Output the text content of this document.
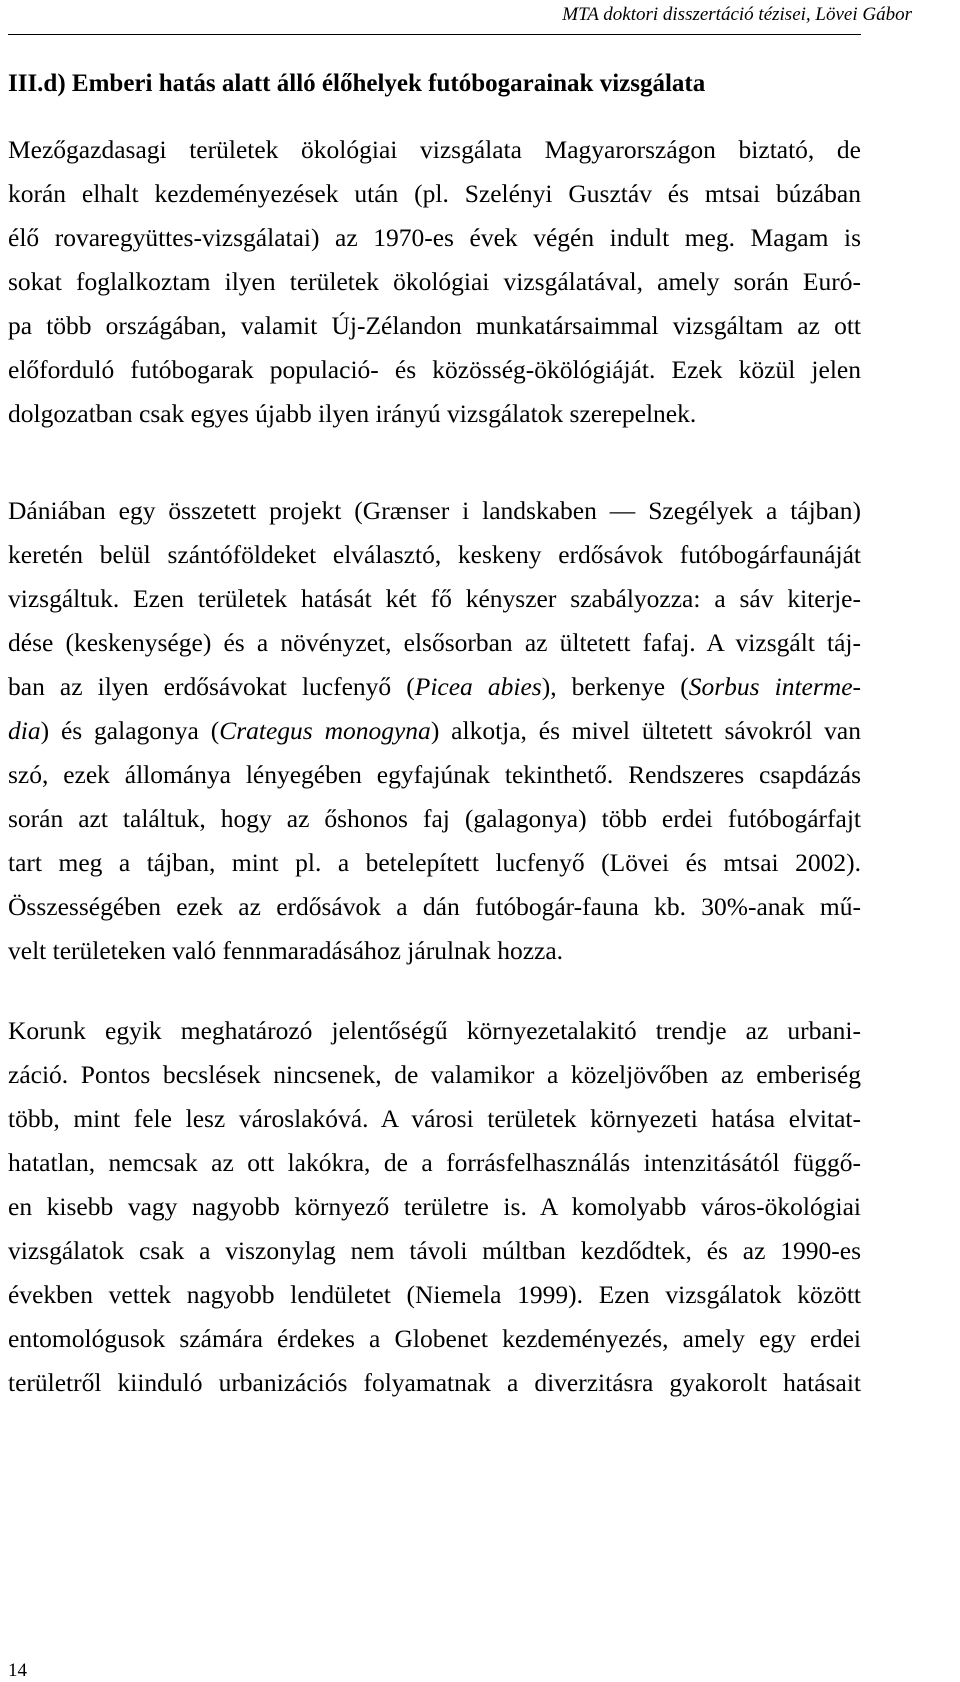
MTA doktori disszertáció tézisei, Lövei Gábor
III.d) Emberi hatás alatt álló élőhelyek futóbogarainak vizsgálata
Mezőgazdasagi területek ökológiai vizsgálata Magyarországon biztató, de
korán elhalt kezdeményezések után (pl. Szelényi Gusztáv és mtsai búzában
élő rovaregyüttes-vizsgálatai) az 1970-es évek végén indult meg. Magam is
sokat foglalkoztam ilyen területek ökológiai vizsgálatával, amely során Euró-
pa több országában, valamit Új-Zélandon munkatársaimmal vizsgáltam az ott
előforduló futóbogarak populació- és közösség-ökölógiáját. Ezek közül jelen
dolgozatban csak egyes újabb ilyen irányú vizsgálatok szerepelnek.
Dániában egy összetett projekt (Grænser i landskaben — Szegélyek a tájban)
keretén belül szántóföldeket elválasztó, keskeny erdősávok futóbogárfaunáját
vizsgáltuk. Ezen területek hatását két fő kényszer szabályozza: a sáv kiterje-
dése (keskenysége) és a növényzet, elsősorban az ültetett fafaj. A vizsgált táj-
ban az ilyen erdősávokat lucfenyő (Picea abies), berkenye (Sorbus interme-
dia) és galagonya (Crategus monogyna) alkotja, és mivel ültetett sávokról van
szó, ezek állománya lényegében egyfajúnak tekinthető. Rendszeres csapdázás
során azt találtuk, hogy az őshonos faj (galagonya) több erdei futóbogárfajt
tart meg a tájban, mint pl. a betelepített lucfenyő (Lövei és mtsai 2002).
Összességében ezek az erdősávok a dán futóbogár-fauna kb. 30%-anak mű-
velt területeken való fennmaradásához járulnak hozza.
Korunk egyik meghatározó jelentőségű környezetalakitó trendje az urbani-
záció. Pontos becslések nincsenek, de valamikor a közeljövőben az emberiség
több, mint fele lesz városlakóvá. A városi területek környezeti hatása elvitat-
hatatlan, nemcsak az ott lakókra, de a forrásfelhasználás intenzitásától függő-
en kisebb vagy nagyobb környező területre is. A komolyabb város-ökológiai
vizsgálatok csak a viszonylag nem távoli múltban kezdődtek, és az 1990-es
években vettek nagyobb lendületet (Niemela 1999). Ezen vizsgálatok között
entomológusok számára érdekes a Globenet kezdeményezés, amely egy erdei
területről kiinduló urbanizációs folyamatnak a diverzitásra gyakorolt hatásait
14
